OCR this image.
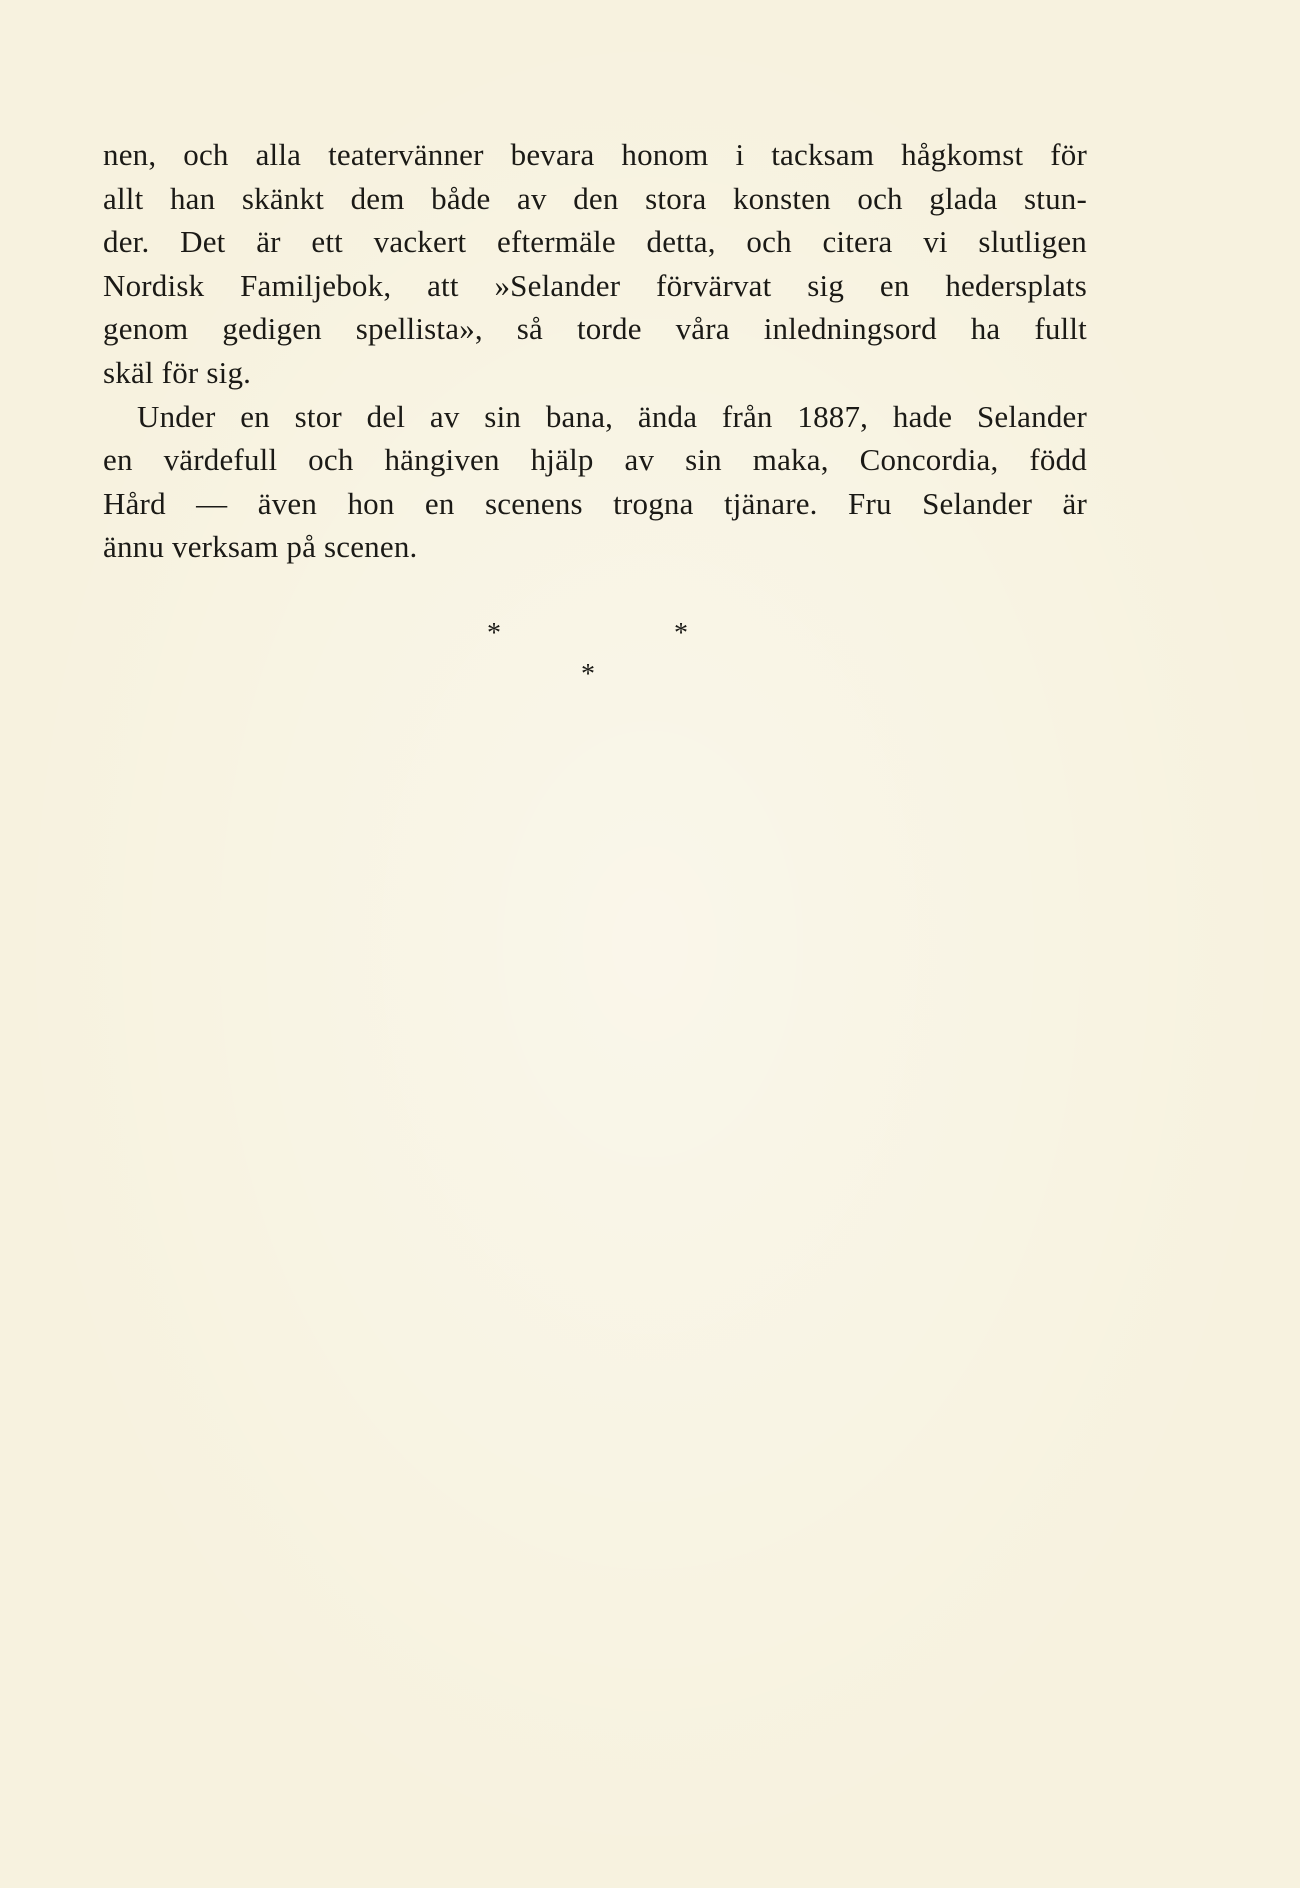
nen, och alla teatervänner bevara honom i tacksam hågkomst för
allt han skänkt dem både av den stora konsten och glada stun-
der. Det är ett vackert eftermäle detta, och citera vi slutligen
Nordisk Familjebok, att »Selander förvärvat sig en hedersplats
genom gedigen spellista», så torde våra inledningsord ha fullt
skäl för sig.
Under en stor del av sin bana, ända från 1887, hade Selander
en värdefull och hängiven hjälp av sin maka, Concordia, född
Hård — även hon en scenens trogna tjänare. Fru Selander är
ännu verksam på scenen.
*	*
*
